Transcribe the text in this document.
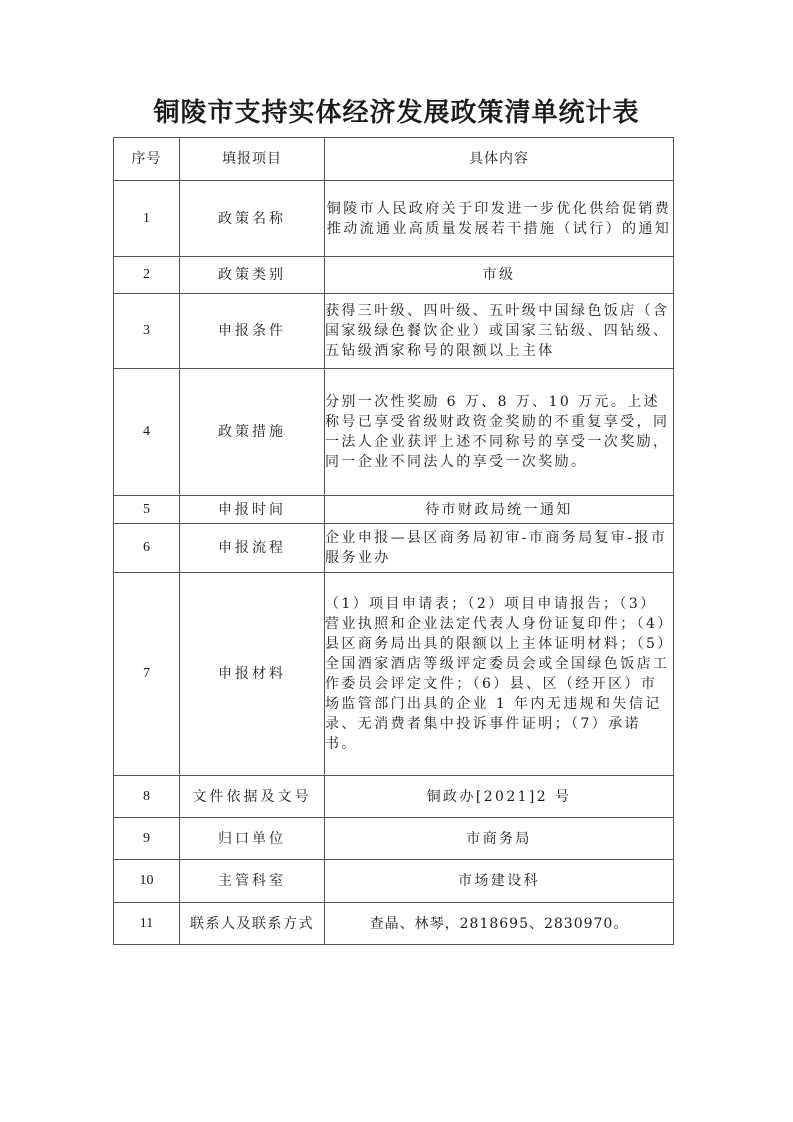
铜陵市支持实体经济发展政策清单统计表
序号	填报项目	具体内容
1	政策名称	铜陵市人民政府关于印发进一步优化供给促销费推动流通业高质量发展若干措施（试行）的通知
2	政策类别	市级
3	申报条件	获得三叶级、四叶级、五叶级中国绿色饭店（含国家级绿色餐饮企业）或国家三钻级、四钻级、五钻级酒家称号的限额以上主体
4	政策措施	分别一次性奖励 6 万、8 万、10 万元。上述称号已享受省级财政资金奖励的不重复享受，同一法人企业获评上述不同称号的享受一次奖励，同一企业不同法人的享受一次奖励。
5	申报时间	待市财政局统一通知
6	申报流程	企业申报—县区商务局初审-市商务局复审-报市服务业办
7	申报材料	（1）项目申请表；（2）项目申请报告；（3） 营业执照和企业法定代表人身份证复印件；（4）县区商务局出具的限额以上主体证明材料；（5）全国酒家酒店等级评定委员会或全国绿色饭店工作委员会评定文件；（6）县、区（经开区）市场监管部门出具的企业 1 年内无违规和失信记录、无消费者集中投诉事件证明；（7）承诺书。
8	文件依据及文号	铜政办[2021]2 号
9	归口单位	市商务局
10	主管科室	市场建设科
11	联系人及联系方式	查晶、林琴，2818695、2830970。
